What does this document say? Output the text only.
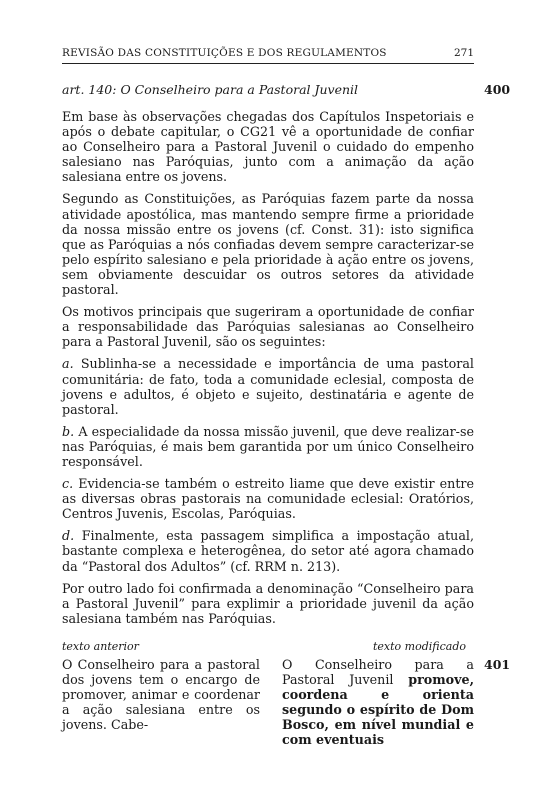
REVISÃO DAS CONSTITUIÇÕES E DOS REGULAMENTOS	271
art. 140: O Conselheiro para a Pastoral Juvenil	400

Em base às observações chegadas dos Capítulos Inspetoriais e após o debate capitular, o CG21 vê a oportunidade de confiar ao Conselheiro para a Pastoral Juvenil o cuidado do empenho salesiano nas Paróquias, junto com a animação da ação salesiana entre os jovens.

Segundo as Constituições, as Paróquias fazem parte da nossa atividade apostólica, mas mantendo sempre firme a prioridade da nossa missão entre os jovens (cf. Const. 31): isto significa que as Paróquias a nós confiadas devem sempre caracterizar-se pelo espírito salesiano e pela prioridade à ação entre os jovens, sem obviamente descuidar os outros setores da atividade pastoral.

Os motivos principais que sugeriram a oportunidade de confiar a responsabilidade das Paróquias salesianas ao Conselheiro para a Pastoral Juvenil, são os seguintes:

a. Sublinha-se a necessidade e importância de uma pastoral comunitária: de fato, toda a comunidade eclesial, composta de jovens e adultos, é objeto e sujeito, destinatária e agente de pastoral.

b. A especialidade da nossa missão juvenil, que deve realizar-se nas Paróquias, é mais bem garantida por um único Conselheiro responsável.

c. Evidencia-se também o estreito liame que deve existir entre as diversas obras pastorais na comunidade eclesial: Oratórios, Centros Juvenis, Escolas, Paróquias.

d. Finalmente, esta passagem simplifica a impostação atual, bastante complexa e heterogênea, do setor até agora chamado da “Pastoral dos Adultos” (cf. RRM n. 213).

Por outro lado foi confirmada a denominação “Conselheiro para a Pastoral Juvenil” para explimir a prioridade juvenil da ação salesiana também nas Paróquias.

texto anterior	texto modificado
O Conselheiro para a pastoral dos jovens tem o encargo de promover, animar e coordenar a ação salesiana entre os jovens. Cabe-
O Conselheiro para a Pastoral Juvenil promove, coordena e orienta segundo o espírito de Dom Bosco, em nível mundial e com eventuais
401
